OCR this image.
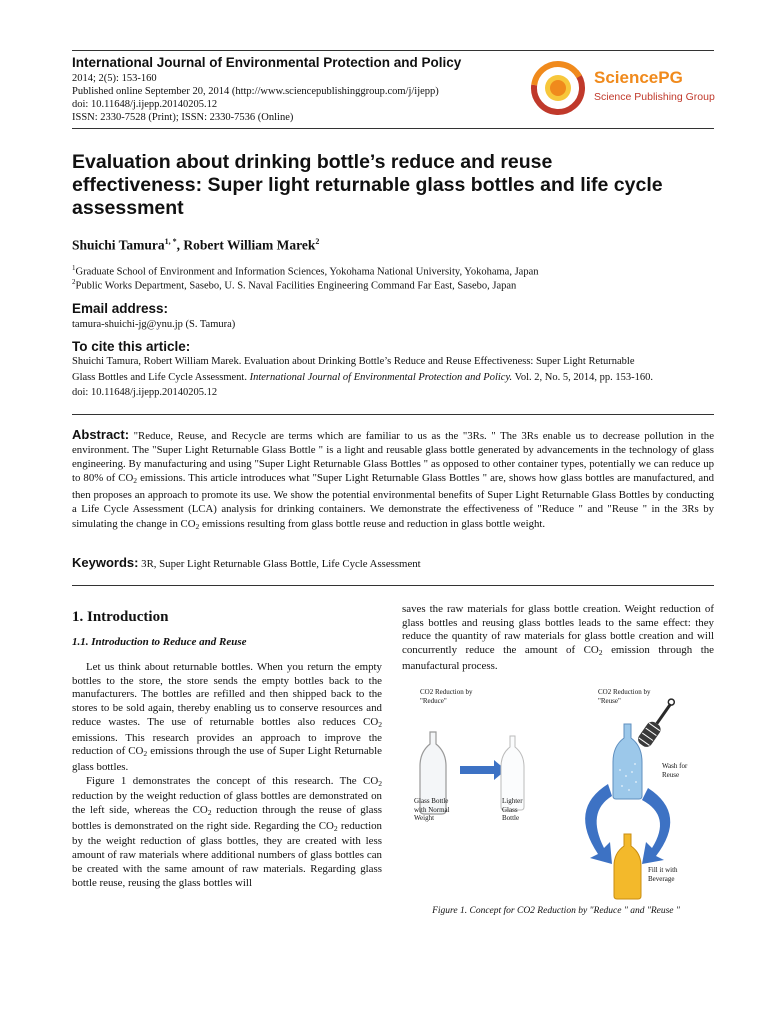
International Journal of Environmental Protection and Policy
2014; 2(5): 153-160
Published online September 20, 2014 (http://www.sciencepublishinggroup.com/j/ijepp)
doi: 10.11648/j.ijepp.20140205.12
ISSN: 2330-7528 (Print); ISSN: 2330-7536 (Online)
SciencePG
Science Publishing Group
Evaluation about drinking bottle’s reduce and reuse effectiveness: Super light returnable glass bottles and life cycle assessment
Shuichi Tamura$^{1, *}$, Robert William Marek$^2$
$^1$Graduate School of Environment and Information Sciences, Yokohama National University, Yokohama, Japan
$^2$Public Works Department, Sasebo, U. S. Naval Facilities Engineering Command Far East, Sasebo, Japan
Email address:
tamura-shuichi-jg@ynu.jp (S. Tamura)
To cite this article:
Shuichi Tamura, Robert William Marek. Evaluation about Drinking Bottle’s Reduce and Reuse Effectiveness: Super Light Returnable
Glass Bottles and Life Cycle Assessment. International Journal of Environmental Protection and Policy. Vol. 2, No. 5, 2014, pp. 153-160.
doi: 10.11648/j.ijepp.20140205.12
Abstract: "Reduce, Reuse, and Recycle are terms which are familiar to us as the "3Rs. " The 3Rs enable us to decrease pollution in the environment. The "Super Light Returnable Glass Bottle " is a light and reusable glass bottle generated by advancements in the technology of glass engineering. By manufacturing and using "Super Light Returnable Glass Bottles " as opposed to other container types, potentially we can reduce up to 80% of $CO_2$ emissions. This article introduces what "Super Light Returnable Glass Bottles " are, shows how glass bottles are manufactured, and then proposes an approach to promote its use. We show the potential environmental benefits of Super Light Returnable Glass Bottles by conducting a Life Cycle Assessment (LCA) analysis for drinking containers. We demonstrate the effectiveness of "Reduce " and "Reuse " in the 3Rs by simulating the change in $CO_2$ emissions resulting from glass bottle reuse and reduction in glass bottle weight.
Keywords: 3R, Super Light Returnable Glass Bottle, Life Cycle Assessment
1. Introduction
1.1. Introduction to Reduce and Reuse

Let us think about returnable bottles. When you return the empty bottles to the store, the store sends the empty bottles back to the manufacturers. The bottles are refilled and then shipped back to the stores to be sold again, thereby enabling us to conserve resources and reduce wastes. The use of returnable bottles also reduces $CO_2$ emissions. This research provides an approach to improve the reduction of $CO_2$ emissions through the use of Super Light Returnable glass bottles.

Figure 1 demonstrates the concept of this research. The $CO_2$ reduction by the weight reduction of glass bottles are demonstrated on the left side, whereas the $CO_2$ reduction through the reuse of glass bottles is demonstrated on the right side. Regarding the $CO_2$ reduction by the weight reduction of glass bottles, they are created with less amount of raw materials where additional numbers of glass bottles can be created with the same amount of raw materials. Regarding glass bottle reuse, reusing the glass bottles will

saves the raw materials for glass bottle creation. Weight reduction of glass bottles and reusing glass bottles leads to the same effect: they reduce the quantity of raw materials for glass bottle creation and will concurrently reduce the amount of $CO_2$ emission through the manufactural process.

CO2 Reduction by "Reduce"
CO2 Reduction by "Reuse"
Glass Bottle with Normal Weight
Lighter Glass Bottle
Wash for Reuse
Fill it with Beverage
Figure 1. Concept for CO2 Reduction by "Reduce " and "Reuse "
